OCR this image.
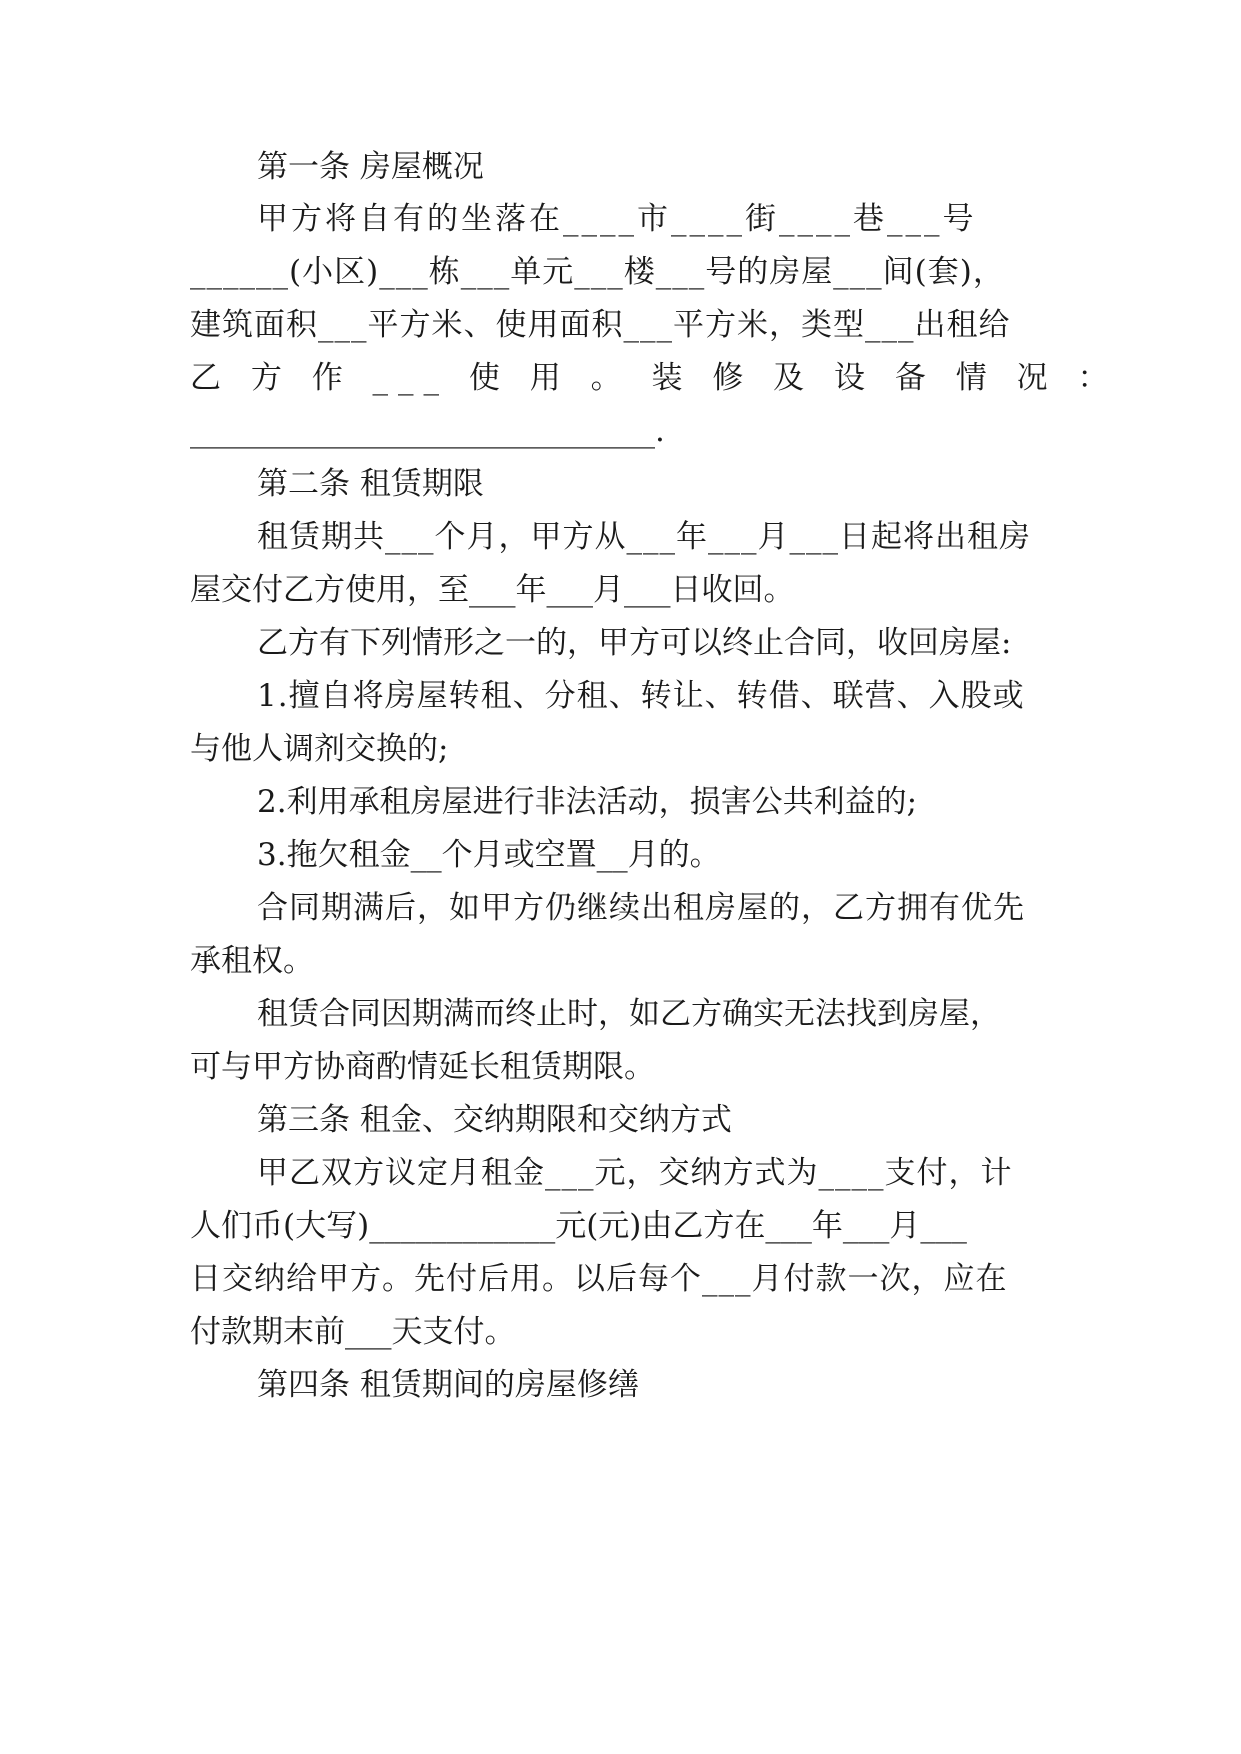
第一条 房屋概况
甲方将自有的坐落在____市____街____巷___号
______(小区)___栋___单元___楼___号的房屋___间(套)，
建筑面积___平方米、使用面积___平方米，类型___出租给
乙 方 作 ___ 使 用 。 装 修 及 设 备 情 况 ：
______________________________.
第二条 租赁期限
租赁期共___个月，甲方从___年___月___日起将出租房
屋交付乙方使用，至___年___月___日收回。
乙方有下列情形之一的，甲方可以终止合同，收回房屋:
1.擅自将房屋转租、分租、转让、转借、联营、入股或
与他人调剂交换的;
2.利用承租房屋进行非法活动，损害公共利益的;
3.拖欠租金__个月或空置__月的。
合同期满后，如甲方仍继续出租房屋的，乙方拥有优先
承租权。
租赁合同因期满而终止时，如乙方确实无法找到房屋，
可与甲方协商酌情延长租赁期限。
第三条 租金、交纳期限和交纳方式
甲乙双方议定月租金___元，交纳方式为____支付，计
人们币(大写)____________元(元)由乙方在___年___月___
日交纳给甲方。先付后用。以后每个___月付款一次，应在
付款期末前___天支付。
第四条 租赁期间的房屋修缮
